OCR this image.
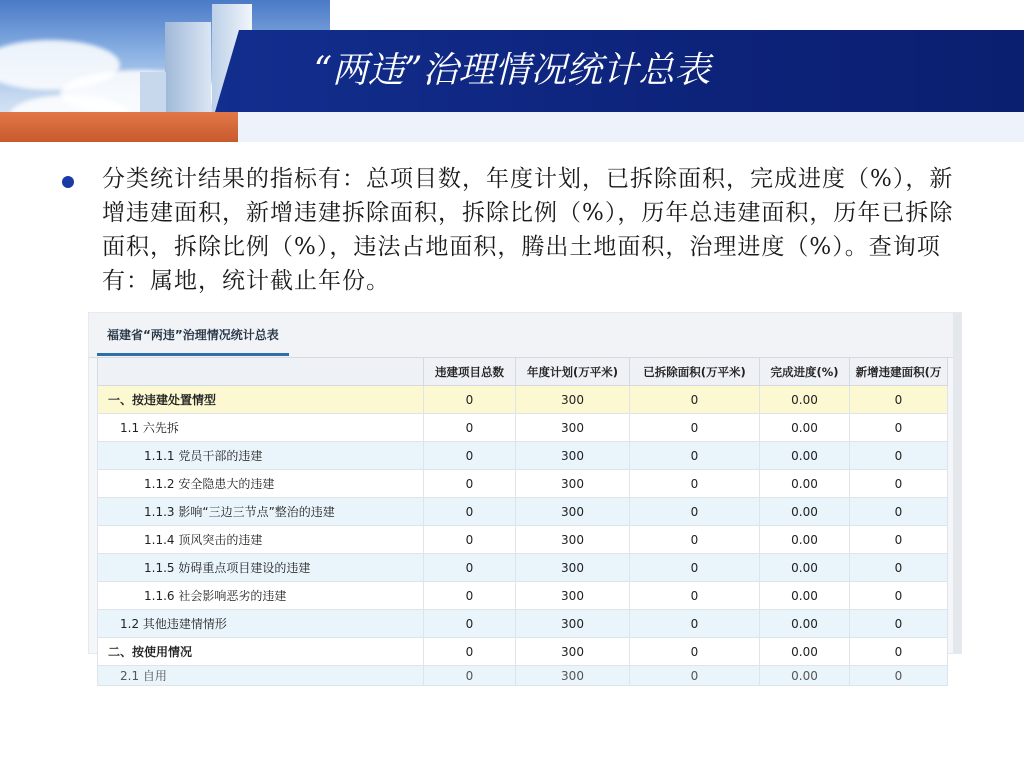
“两违”治理情况统计总表
分类统计结果的指标有：总项目数，年度计划，已拆除面积，完成进度（%），新增违建面积，新增违建拆除面积，拆除比例（%），历年总违建面积，历年已拆除面积，拆除比例（%），违法占地面积，腾出土地面积，治理进度（%）。查询项有：属地，统计截止年份。
福建省“两违”治理情况统计总表
	违建项目总数	年度计划(万平米)	已拆除面积(万平米)	完成进度(%)	新增违建面积(万
一、按违建处置情型	0	300	0	0.00	0
1.1 六先拆	0	300	0	0.00	0
1.1.1 党员干部的违建	0	300	0	0.00	0
1.1.2 安全隐患大的违建	0	300	0	0.00	0
1.1.3 影响“三边三节点”整治的违建	0	300	0	0.00	0
1.1.4 顶风突击的违建	0	300	0	0.00	0
1.1.5 妨碍重点项目建设的违建	0	300	0	0.00	0
1.1.6 社会影响恶劣的违建	0	300	0	0.00	0
1.2 其他违建情情形	0	300	0	0.00	0
二、按使用情况	0	300	0	0.00	0
2.1 自用	0	300	0	0.00	0
